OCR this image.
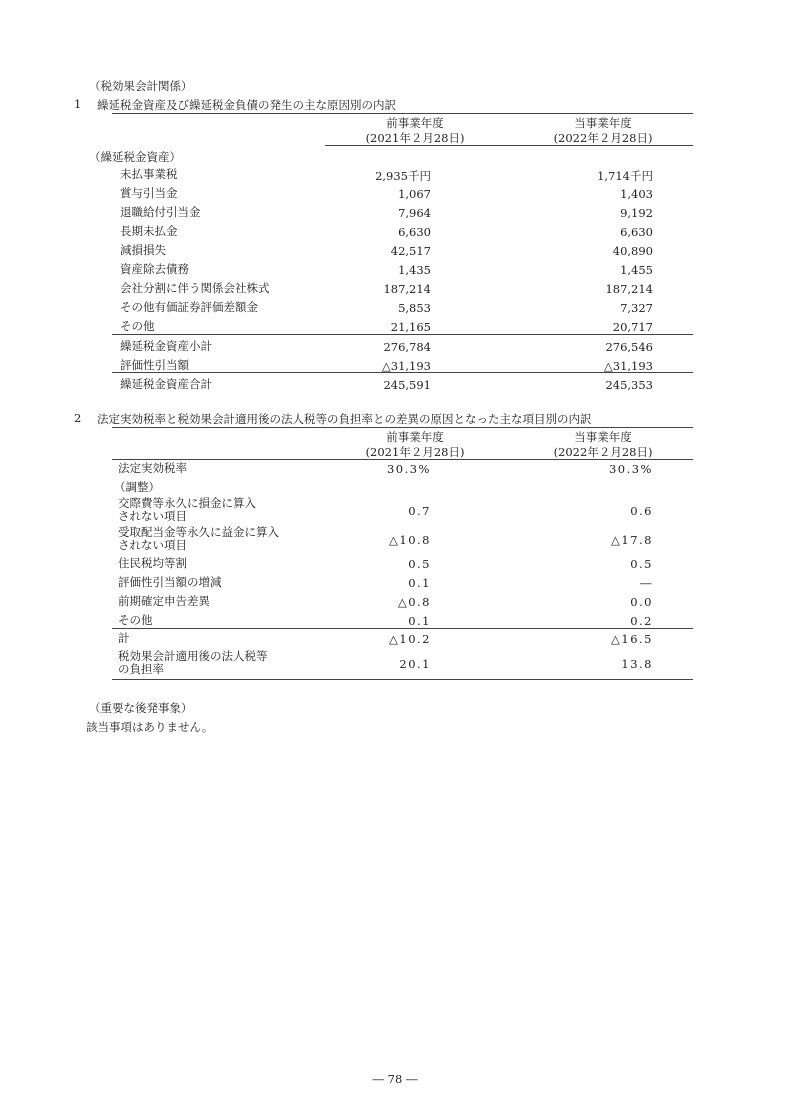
（税効果会計関係）
1 繰延税金資産及び繰延税金負債の発生の主な原因別の内訳
前事業年度
(2021年２月28日)
当事業年度
(2022年２月28日)
（繰延税金資産）
未払事業税	2,935千円	1,714千円
賞与引当金	1,067	1,403
退職給付引当金	7,964	9,192
長期未払金	6,630	6,630
減損損失	42,517	40,890
資産除去債務	1,435	1,455
会社分割に伴う関係会社株式	187,214	187,214
その他有価証券評価差額金	5,853	7,327
その他	21,165	20,717
繰延税金資産小計	276,784	276,546
評価性引当額	△31,193	△31,193
繰延税金資産合計	245,591	245,353
2 法定実効税率と税効果会計適用後の法人税等の負担率との差異の原因となった主な項目別の内訳
前事業年度
(2021年２月28日)
当事業年度
(2022年２月28日)
法定実効税率	30.3%	30.3%
（調整）
交際費等永久に損金に算入
されない項目	0.7	0.6
受取配当金等永久に益金に算入
されない項目	△10.8	△17.8
住民税均等割	0.5	0.5
評価性引当額の増減	0.1	―
前期確定申告差異	△0.8	0.0
その他	0.1	0.2
計	△10.2	△16.5
税効果会計適用後の法人税等
の負担率	20.1	13.8
（重要な後発事象）
該当事項はありません。
― 78 ―
